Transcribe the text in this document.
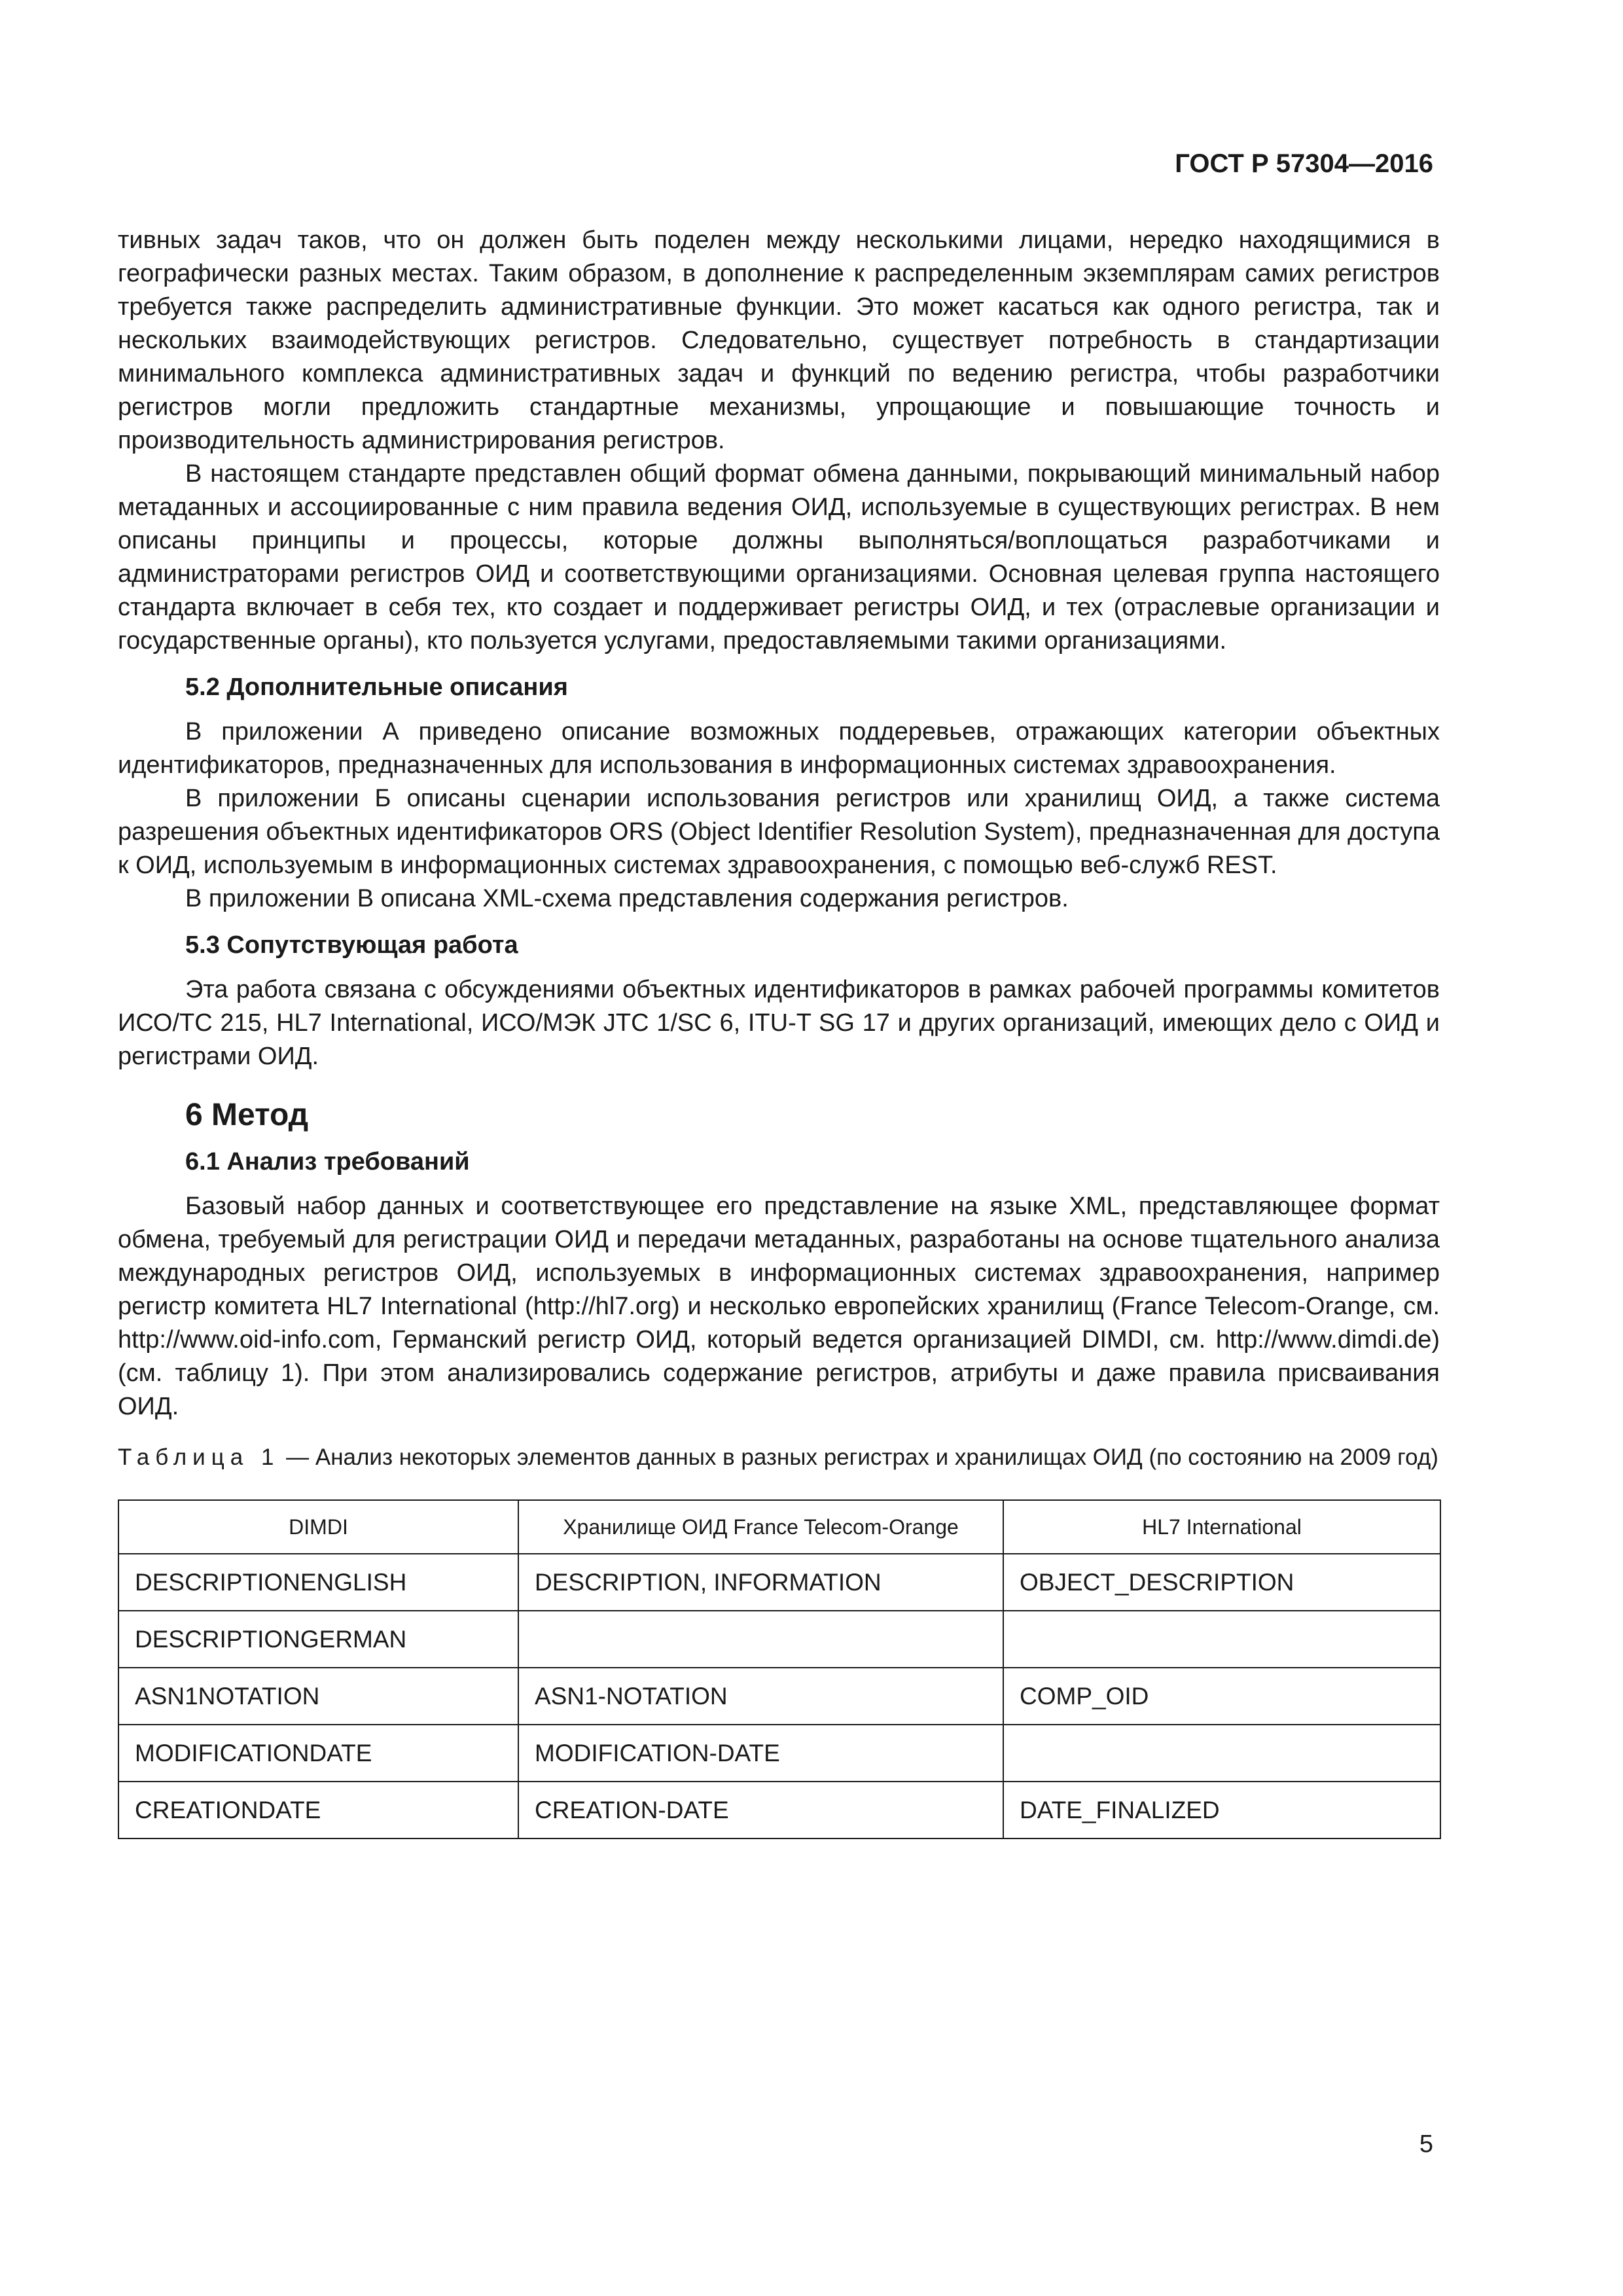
ГОСТ Р 57304—2016

тивных задач таков, что он должен быть поделен между несколькими лицами, нередко находящимися в географически разных местах. Таким образом, в дополнение к распределенным экземплярам самих регистров требуется также распределить административные функции. Это может касаться как одного регистра, так и нескольких взаимодействующих регистров. Следовательно, существует потребность в стандартизации минимального комплекса административных задач и функций по ведению регистра, чтобы разработчики регистров могли предложить стандартные механизмы, упрощающие и повышающие точность и производительность администрирования регистров.

В настоящем стандарте представлен общий формат обмена данными, покрывающий минимальный набор метаданных и ассоциированные с ним правила ведения ОИД, используемые в существующих регистрах. В нем описаны принципы и процессы, которые должны выполняться/воплощаться разработчиками и администраторами регистров ОИД и соответствующими организациями. Основная целевая группа настоящего стандарта включает в себя тех, кто создает и поддерживает регистры ОИД, и тех (отраслевые организации и государственные органы), кто пользуется услугами, предоставляемыми такими организациями.

5.2 Дополнительные описания

В приложении А приведено описание возможных поддеревьев, отражающих категории объектных идентификаторов, предназначенных для использования в информационных системах здравоохранения.

В приложении Б описаны сценарии использования регистров или хранилищ ОИД, а также система разрешения объектных идентификаторов ORS (Object Identifier Resolution System), предназначенная для доступа к ОИД, используемым в информационных системах здравоохранения, с помощью веб-служб REST.

В приложении В описана XML-схема представления содержания регистров.

5.3 Сопутствующая работа

Эта работа связана с обсуждениями объектных идентификаторов в рамках рабочей программы комитетов ИСО/ТС 215, HL7 International, ИСО/МЭК JTC 1/SC 6, ITU-T SG 17 и других организаций, имеющих дело с ОИД и регистрами ОИД.

6 Метод
6.1 Анализ требований

Базовый набор данных и соответствующее его представление на языке XML, представляющее формат обмена, требуемый для регистрации ОИД и передачи метаданных, разработаны на основе тщательного анализа международных регистров ОИД, используемых в информационных системах здравоохранения, например регистр комитета HL7 International (http://hl7.org) и несколько европейских хранилищ (France Telecom-Orange, см. http://www.oid-info.com, Германский регистр ОИД, который ведется организацией DIMDI, см. http://www.dimdi.de) (см. таблицу 1). При этом анализировались содержание регистров, атрибуты и даже правила присваивания ОИД.

Таблица 1 — Анализ некоторых элементов данных в разных регистрах и хранилищах ОИД (по состоянию на 2009 год)
DIMDI	Хранилище ОИД France Telecom-Orange	HL7 International
DESCRIPTIONENGLISH	DESCRIPTION, INFORMATION	OBJECT_DESCRIPTION
DESCRIPTIONGERMAN		
ASN1NOTATION	ASN1-NOTATION	COMP_OID
MODIFICATIONDATE	MODIFICATION-DATE	
CREATIONDATE	CREATION-DATE	DATE_FINALIZED
5
